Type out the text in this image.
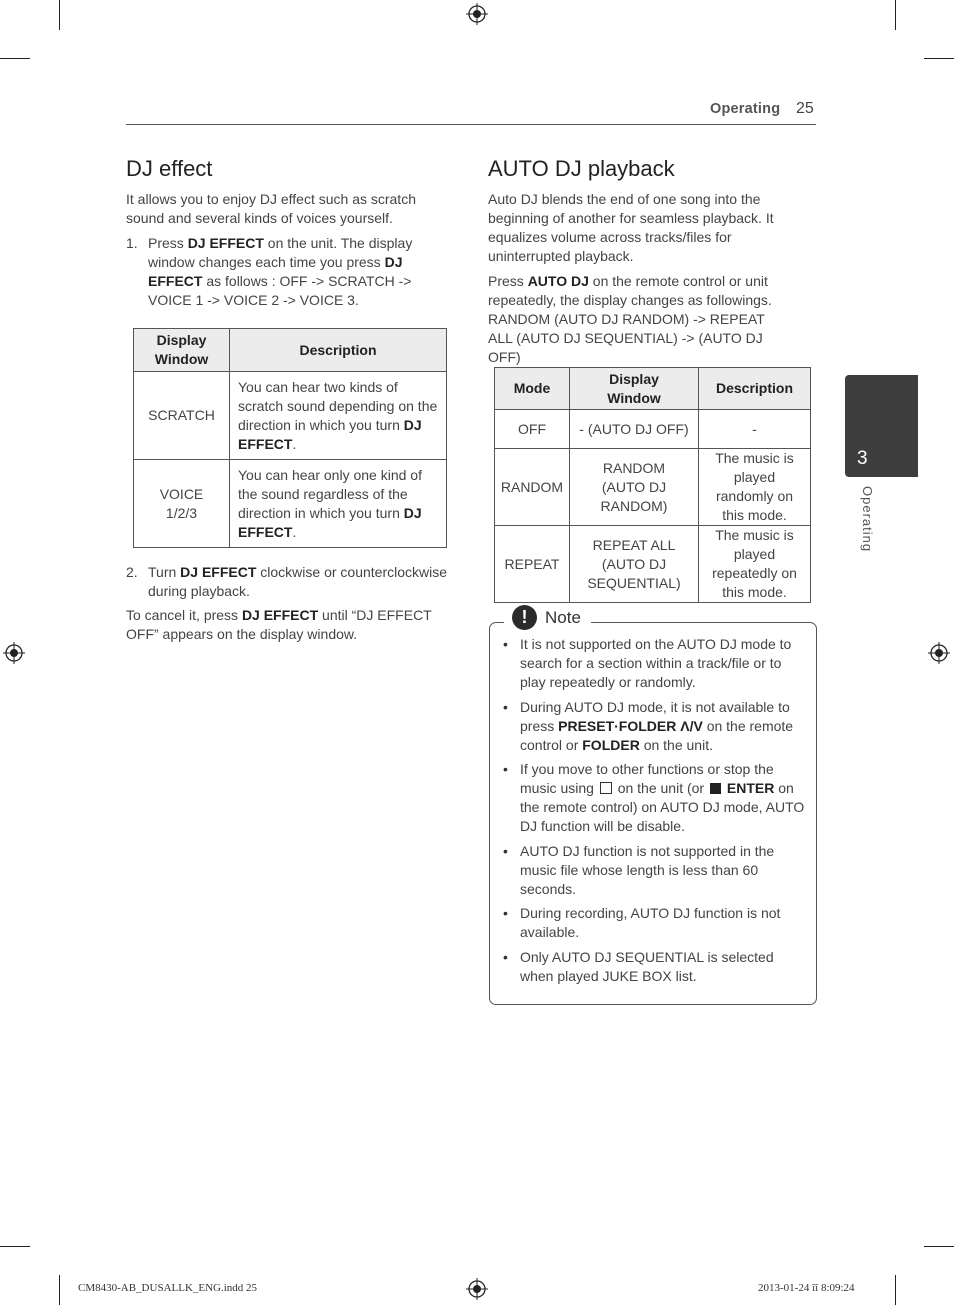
Operating 25
DJ effect

It allows you to enjoy DJ effect such as scratch sound and several kinds of voices yourself.

1. Press DJ EFFECT on the unit. The display window changes each time you press DJ EFFECT as follows : OFF -> SCRATCH -> VOICE 1 -> VOICE 2 -> VOICE 3.
Display Window	Description
SCRATCH	You can hear two kinds of scratch sound depending on the direction in which you turn DJ EFFECT.
VOICE 1/2/3	You can hear only one kind of the sound regardless of the direction in which you turn DJ EFFECT.
2. Turn DJ EFFECT clockwise or counterclockwise during playback.

To cancel it, press DJ EFFECT until “DJ EFFECT OFF” appears on the display window.

AUTO DJ playback

Auto DJ blends the end of one song into the beginning of another for seamless playback. It equalizes volume across tracks/files for uninterrupted playback.

Press AUTO DJ on the remote control or unit repeatedly, the display changes as followings. RANDOM (AUTO DJ RANDOM) -> REPEAT ALL (AUTO DJ SEQUENTIAL) -> (AUTO DJ OFF)

Mode	Display Window	Description
OFF	- (AUTO DJ OFF)	-
RANDOM	RANDOM (AUTO DJ RANDOM)	The music is played randomly on this mode.
REPEAT	REPEAT ALL (AUTO DJ SEQUENTIAL)	The music is played repeatedly on this mode.
!	Note
• It is not supported on the AUTO DJ mode to search for a section within a track/file or to play repeatedly or randomly.
• During AUTO DJ mode, it is not available to press PRESET·FOLDER Λ/V on the remote control or FOLDER on the unit.
• If you move to other functions or stop the music using  on the unit (or  ENTER on the remote control) on AUTO DJ mode, AUTO DJ function will be disable.
• AUTO DJ function is not supported in the music file whose length is less than 60 seconds.
• During recording, AUTO DJ function is not available.
• Only AUTO DJ SEQUENTIAL is selected when played JUKE BOX list.
3
Operating
CM8430-AB_DUSALLK_ENG.indd 25	2013-01-24 îî 8:09:24
